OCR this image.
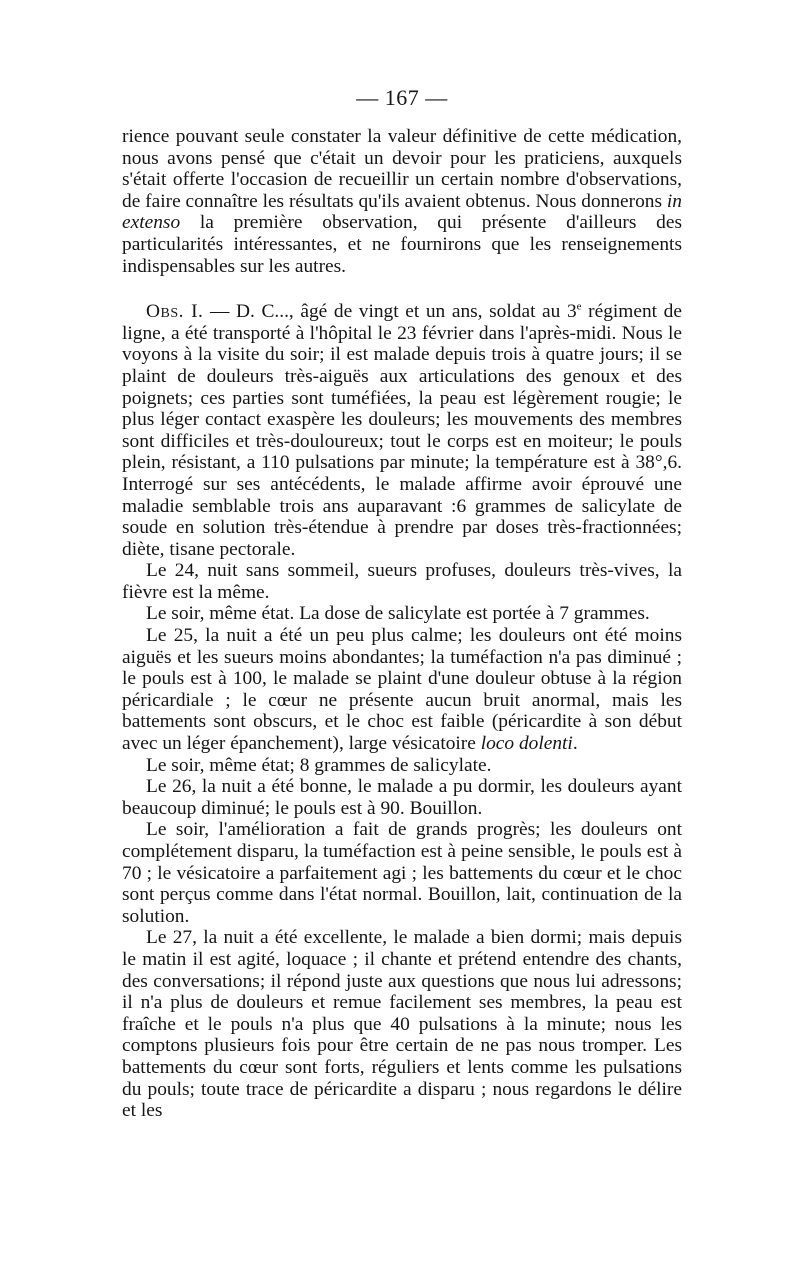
— 167 —

rience pouvant seule constater la valeur définitive de cette médication, nous avons pensé que c'était un devoir pour les praticiens, auxquels s'était offerte l'occasion de recueillir un certain nombre d'observations, de faire connaître les résultats qu'ils avaient obtenus. Nous donnerons in extenso la première observation, qui présente d'ailleurs des particularités intéressantes, et ne fournirons que les renseignements indispensables sur les autres.

Obs. I. — D. C..., âgé de vingt et un ans, soldat au 3e régiment de ligne, a été transporté à l'hôpital le 23 février dans l'après-midi. Nous le voyons à la visite du soir; il est malade depuis trois à quatre jours; il se plaint de douleurs très-aiguës aux articulations des genoux et des poignets; ces parties sont tuméfiées, la peau est légèrement rougie; le plus léger contact exaspère les douleurs; les mouvements des membres sont difficiles et très-douloureux; tout le corps est en moiteur; le pouls plein, résistant, a 110 pulsations par minute; la température est à 38°,6. Interrogé sur ses antécédents, le malade affirme avoir éprouvé une maladie semblable trois ans auparavant :6 grammes de salicylate de soude en solution très-étendue à prendre par doses très-fractionnées; diète, tisane pectorale.

Le 24, nuit sans sommeil, sueurs profuses, douleurs très-vives, la fièvre est la même.

Le soir, même état. La dose de salicylate est portée à 7 grammes.

Le 25, la nuit a été un peu plus calme; les douleurs ont été moins aiguës et les sueurs moins abondantes; la tuméfaction n'a pas diminué ; le pouls est à 100, le malade se plaint d'une douleur obtuse à la région péricardiale ; le cœur ne présente aucun bruit anormal, mais les battements sont obscurs, et le choc est faible (péricardite à son début avec un léger épanchement), large vésicatoire loco dolenti.

Le soir, même état; 8 grammes de salicylate.

Le 26, la nuit a été bonne, le malade a pu dormir, les douleurs ayant beaucoup diminué; le pouls est à 90. Bouillon.

Le soir, l'amélioration a fait de grands progrès; les douleurs ont complétement disparu, la tuméfaction est à peine sensible, le pouls est à 70 ; le vésicatoire a parfaitement agi ; les battements du cœur et le choc sont perçus comme dans l'état normal. Bouillon, lait, continuation de la solution.

Le 27, la nuit a été excellente, le malade a bien dormi; mais depuis le matin il est agité, loquace ; il chante et prétend entendre des chants, des conversations; il répond juste aux questions que nous lui adressons; il n'a plus de douleurs et remue facilement ses membres, la peau est fraîche et le pouls n'a plus que 40 pulsations à la minute; nous les comptons plusieurs fois pour être certain de ne pas nous tromper. Les battements du cœur sont forts, réguliers et lents comme les pulsations du pouls; toute trace de péricardite a disparu ; nous regardons le délire et les
